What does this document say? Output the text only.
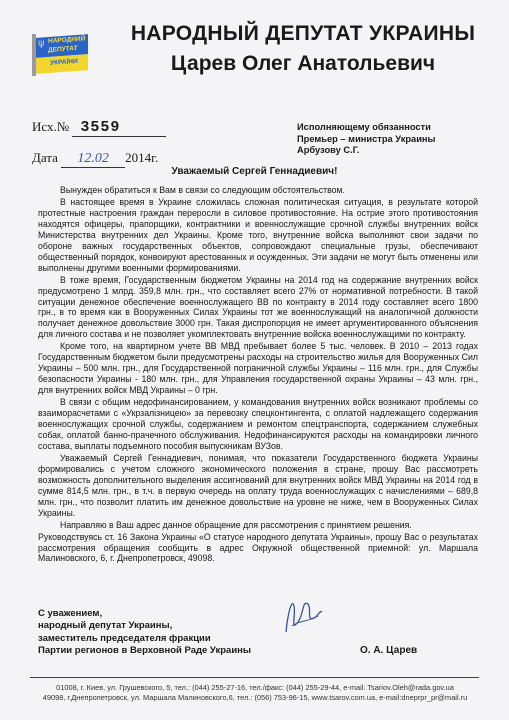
НАРОДНИЙ
ДЕПУТАТ
УКРАЇНИ
ψ	НАРОДНЫЙ ДЕПУТАТ УКРАИНЫ
Царев Олег Анатольевич
Исх.№ 3559
Дата 12.02 2014г.
Исполняющему обязанности
Премьер – министра Украины
Арбузову С.Г.
Уважаемый Сергей Геннадиевич!

Вынужден обратиться к Вам в связи со следующим обстоятельством.

В настоящее время в Украине сложилась сложная политическая ситуация, в результате которой протестные настроения граждан переросли в силовое противостояние. На острие этого противостояния находятся офицеры, прапорщики, контрактники и военнослужащие срочной службы внутренних войск Министерства внутренних дел Украины. Кроме того, внутренние войска выполняют свои задачи по обороне важных государственных объектов, сопровождают специальные грузы, обеспечивают общественный порядок, конвоируют арестованных и осужденных. Эти задачи не могут быть отменены или выполнены другими военными формированиями.

В тоже время, Государственным бюджетом Украины на 2014 год на содержание внутренних войск предусмотрено 1 млрд. 359,8 млн. грн., что составляет всего 27% от нормативной потребности. В такой ситуации денежное обеспечение военнослужащего ВВ по контракту в 2014 году составляет всего 1800 грн., в то время как в Вооруженных Силах Украины тот же военнослужащий на аналогичной должности получает денежное довольствие 3000 грн. Такая диспропорция не имеет аргументированного объяснения для личного состава и не позволяет укомплектовать внутренние войска военнослужащими по контракту.

Кроме того, на квартирном учете ВВ МВД пребывает более 5 тыс. человек. В 2010 – 2013 годах Государственным бюджетом были предусмотрены расходы на строительство жилья для Вооруженных Сил Украины – 500 млн. грн., для Государственной пограничной службы Украины – 116 млн. грн., для Службы безопасности Украины - 180 млн. грн., для Управления государственной охраны Украины – 43 млн. грн., для внутренних войск МВД Украины – 0 грн.

В связи с общим недофинансированием, у командования внутренних войск возникают проблемы со взаиморасчетами с «Укрзалізницею» за перевозку спецконтингента, с оплатой надлежащего содержания военнослужащих срочной службы, содержанием и ремонтом спецтранспорта, содержанием служебных собак, оплатой банно-прачечного обслуживания. Недофинансируются расходы на командировки личного состава, выплаты подъемного пособия выпускникам ВУЗов.

Уважаемый Сергей Геннадиевич, понимая, что показатели Государственного бюджета Украины формировались с учетом сложного экономического положения в стране, прошу Вас рассмотреть возможность дополнительного выделения ассигнований для внутренних войск МВД Украины на 2014 год в сумме 814,5 млн. грн., в т.ч. в первую очередь на оплату труда военнослужащих с начислениями – 689,8 млн. грн., что позволит платить им денежное довольствие на уровне не ниже, чем в Вооруженных Силах Украины.

Направляю в Ваш адрес данное обращение для рассмотрения с принятием решения.

Руководствуясь ст. 16 Закона Украины «О статусе народного депутата Украины», прошу Вас о результатах рассмотрения обращения сообщить в адрес Окружной общественной приемной: ул. Маршала Малиновского, 6, г. Днепропетровск, 49098.

С уважением,
народный депутат Украины,
заместитель председателя фракции
Партии регионов в Верховной Раде Украины	О. А. Царев
01008, г. Киев, ул. Грушевского, 5, тел.: (044) 255-27-16, тел./факс: (044) 255-29-44, e-mail: Tsariov.Oleh@rada.gov.ua
49098, г.Днепропетровск, ул. Маршала Малиновского,6, тел.: (056) 753-96-15, www.tsarov.com.ua, e-mail:dneprpr_pr@mail.ru
